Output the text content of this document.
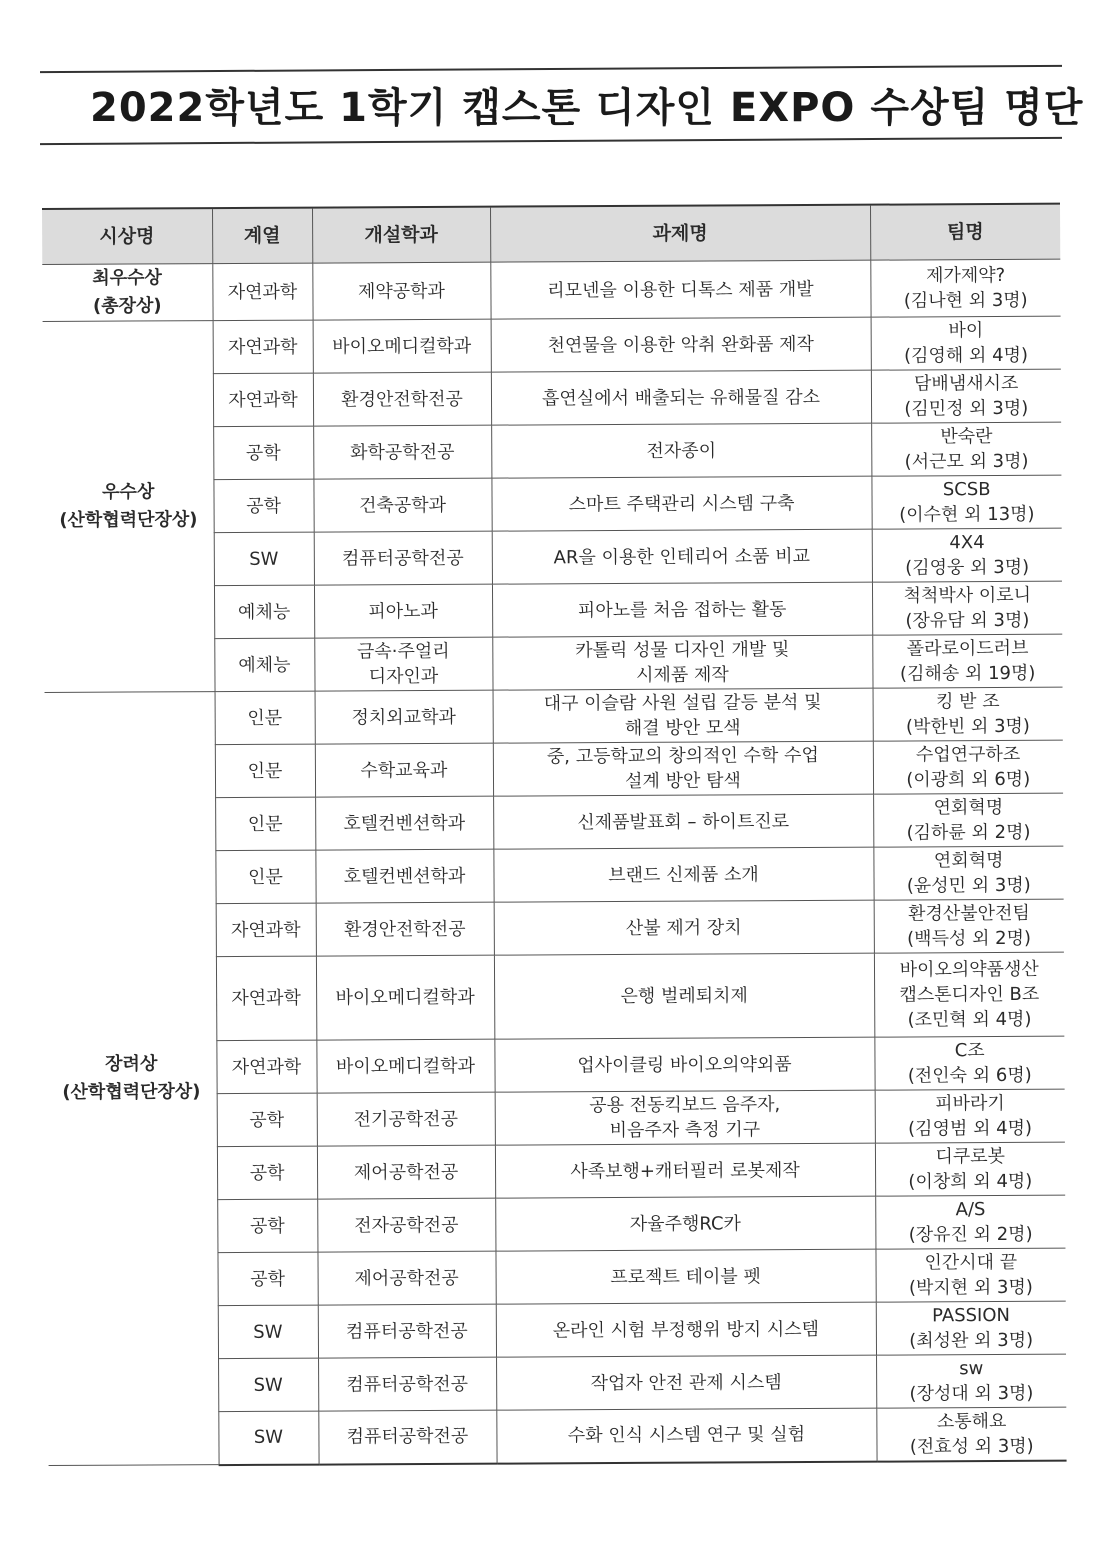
2022학년도 1학기 캡스톤 디자인 EXPO 수상팀 명단
시상명	계열	개설학과	과제명	팀명

최우수상
(총장상)	자연과학	제약공학과	리모넨을 이용한 디톡스 제품 개발	제가제약?
(김나현 외 3명)

우수상
(산학협력단장상)	자연과학	바이오메디컬학과	천연물을 이용한 악취 완화품 제작	바이
(김영해 외 4명)

	자연과학	환경안전학전공	흡연실에서 배출되는 유해물질 감소	담배냄새시조
(김민정 외 3명)

	공학	화학공학전공	전자종이	반숙란
(서근모 외 3명)

	공학	건축공학과	스마트 주택관리 시스템 구축	SCSB
(이수현 외 13명)

	SW	컴퓨터공학전공	AR을 이용한 인테리어 소품 비교	4X4
(김영웅 외 3명)

	예체능	피아노과	피아노를 처음 접하는 활동	척척박사 이로니
(장유담 외 3명)

	예체능	금속·주얼리
디자인과	카톨릭 성물 디자인 개발 및
시제품 제작	폴라로이드러브
(김해송 외 19명)

장려상
(산학협력단장상)	인문	정치외교학과	대구 이슬람 사원 설립 갈등 분석 및
해결 방안 모색	킹 받 조
(박한빈 외 3명)

	인문	수학교육과	중, 고등학교의 창의적인 수학 수업
설계 방안 탐색	수업연구하조
(이광희 외 6명)

	인문	호텔컨벤션학과	신제품발표회 – 하이트진로	연회혁명
(김하륜 외 2명)

	인문	호텔컨벤션학과	브랜드 신제품 소개	연회혁명
(윤성민 외 3명)

	자연과학	환경안전학전공	산불 제거 장치	환경산불안전팀
(백득성 외 2명)

	자연과학	바이오메디컬학과	은행 벌레퇴치제	바이오의약품생산
캡스톤디자인 B조
(조민혁 외 4명)

	자연과학	바이오메디컬학과	업사이클링 바이오의약외품	C조
(전인숙 외 6명)

	공학	전기공학전공	공용 전동킥보드 음주자,
비음주자 측정 기구	피바라기
(김영범 외 4명)

	공학	제어공학전공	사족보행+캐터필러 로봇제작	디쿠로봇
(이창희 외 4명)

	공학	전자공학전공	자율주행RC카	A/S
(장유진 외 2명)

	공학	제어공학전공	프로젝트 테이블 펫	인간시대 끝
(박지현 외 3명)

	SW	컴퓨터공학전공	온라인 시험 부정행위 방지 시스템	PASSION
(최성완 외 3명)

	SW	컴퓨터공학전공	작업자 안전 관제 시스템	sw
(장성대 외 3명)

	SW	컴퓨터공학전공	수화 인식 시스템 연구 및 실험	소통해요
(전효성 외 3명)
